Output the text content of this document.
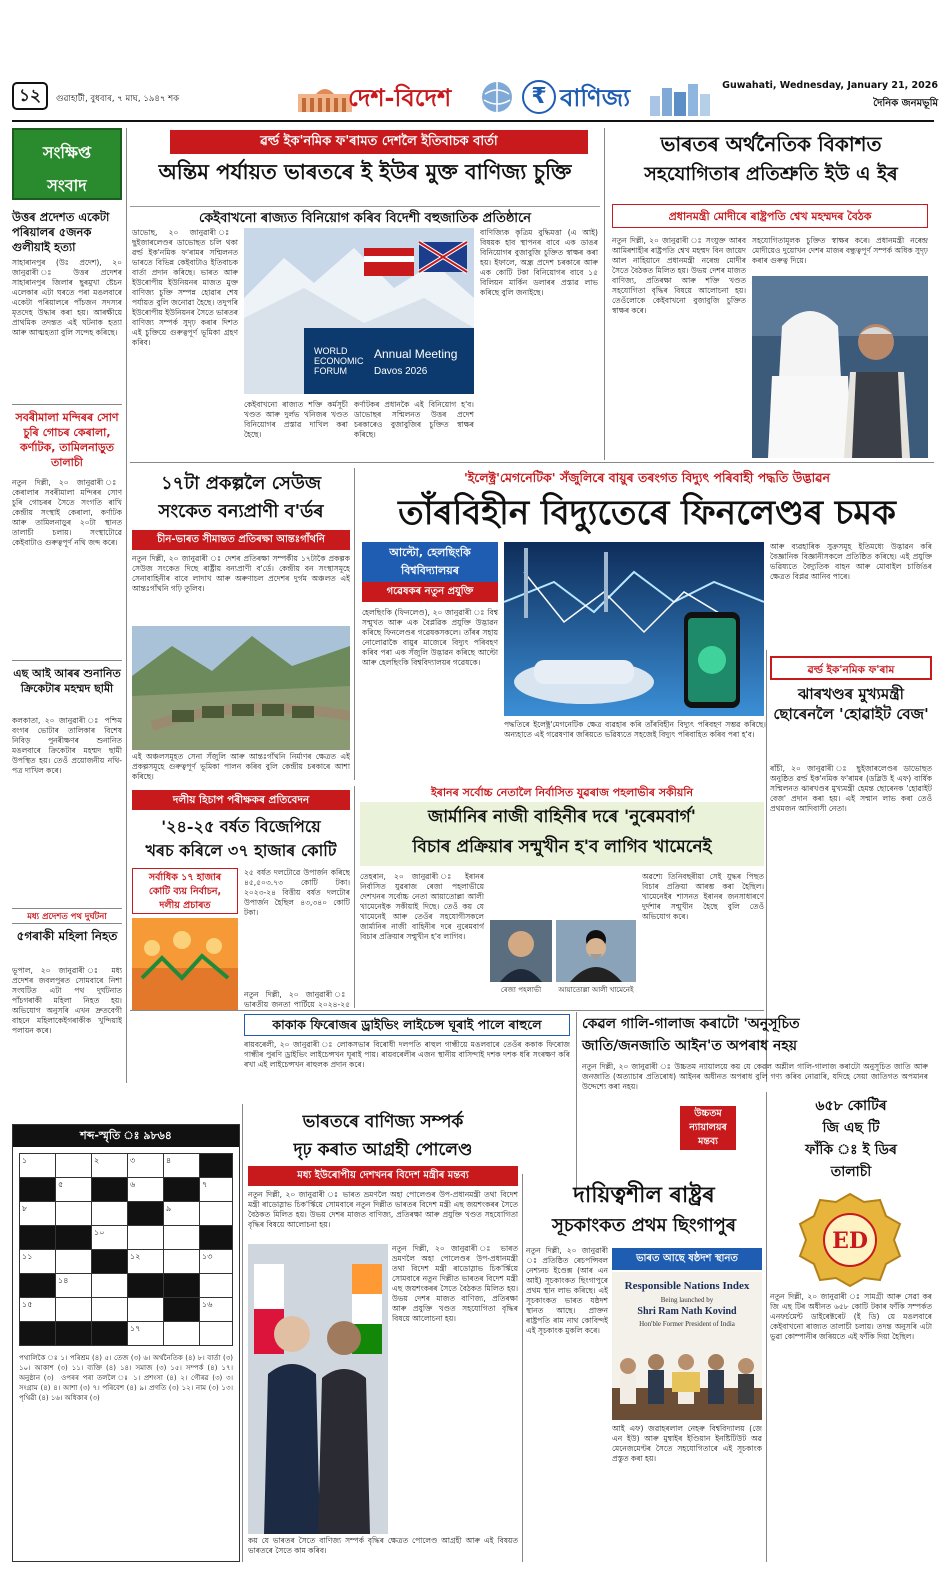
১২	গুৱাহাটী, বুধবাৰ, ৭ মাঘ, ১৯৪৭ শক	দেশ-বিদেশ	₹ বাণিজ্য	Guwahati, Wednesday, January 21, 2026
দৈনিক জনমভূমি
সংক্ষিপ্ত
সংবাদ
উত্তৰ প্ৰদেশত একেটা পৰিয়ালৰ ৫জনক গুলীয়াই হত্যা
সাহাৰানপুৰ (উঃ প্ৰদেশ), ২০ জানুৱাৰী ঃ উত্তৰ প্ৰদেশৰ সাহাৰানপুৰ জিলাৰ ছুৰমুখা ষ্টেচন এলেকাৰ এটা ঘৰতে পৰা মঙলবাৰে একেটা পৰিয়ালৰে পাঁচজন সদস্যৰ মৃতদেহ উদ্ধাৰ কৰা হয়। আৰক্ষীয়ে প্ৰাথমিক তদন্তত এই ঘটনাক হত্যা আৰু আত্মহত্যা বুলি সন্দেহ কৰিছে।
সবৰীমালা মন্দিৰৰ সোণ চুৰি গোচৰ কেৰালা, কৰ্ণাটক, তামিলনাড়ুত তালাচী
নতুন দিল্লী, ২০ জানুৱাৰী ঃ কেৰালাৰ সবৰীমালা মন্দিৰৰ সোণ চুৰি গোচৰৰ সৈতে সংগতি ৰাখি কেন্দ্ৰীয় সংস্থাই কেৰালা, কৰ্ণাটক আৰু তামিলনাড়ুৰ ২০টা স্থানত তালাচী চলায়। সংস্থাটোৱে কেইবাটাও গুৰুত্বপূৰ্ণ নথি জব্দ কৰে।
এছ আই আৰৰ শুনানিত ক্ৰিকেটাৰ মহম্মদ ছামী
কলকাতা, ২০ জানুৱাৰী ঃ পশ্চিম বংগৰ ভোটাৰ তালিকাৰ বিশেষ নিবিড় পুনৰীক্ষণৰ শুনানিত মঙলবাৰে ক্ৰিকেটাৰ মহম্মদ ছামী উপস্থিত হয়। তেওঁ প্ৰয়োজনীয় নথি-পত্ৰ দাখিল কৰে।
মধ্য প্ৰদেশত পথ দুৰ্ঘটনা
৫গৰাকী মহিলা নিহত
ভূপাল, ২০ জানুৱাৰী ঃ মধ্য প্ৰদেশৰ জবলপুৰত সোমবাৰে নিশা সংঘটিত এটা পথ দুৰ্ঘটনাত পাঁচগৰাকী মহিলা নিহত হয়। অভিযোগ অনুসৰি এখন দ্ৰুতবেগী বাহনে মহিলাকেইগৰাকীক খুন্দিয়াই পলায়ন কৰে।
ৱৰ্ল্ড ইক'নমিক ফ'ৰামত দেশলৈ ইতিবাচক বাৰ্তা
অন্তিম পৰ্যায়ত ভাৰতৰে ই ইউৰ মুক্ত বাণিজ্য চুক্তি
কেইবাখনো ৰাজ্যত বিনিয়োগ কৰিব বিদেশী বহুজাতিক প্ৰতিষ্ঠানে
ডাভোছ, ২০ জানুৱাৰী ঃ ছুইজাৰলেণ্ডৰ ডাভোছত চলি থকা ৱৰ্ল্ড ইক'নমিক ফ'ৰামৰ সন্মিলনত ভাৰতে বিভিন্ন কেইবাটাও ইতিবাচক বাৰ্তা প্ৰদান কৰিছে। ভাৰত আৰু ইউৰোপীয় ইউনিয়নৰ মাজত মুক্ত বাণিজ্য চুক্তি সম্পন্ন হোৱাৰ শেষ পৰ্যায়ত বুলি জনোৱা হৈছে। তদুপৰি ইউৰোপীয় ইউনিয়নৰ সৈতে ভাৰতৰ বাণিজ্য সম্পৰ্ক সুদৃঢ় কৰাৰ দিশত এই চুক্তিয়ে গুৰুত্বপূৰ্ণ ভূমিকা গ্ৰহণ কৰিব।
WORLD
ECONOMIC
FORUM
Annual Meeting
Davos 2026
কেইবাখনো ৰাজ্যত শক্তি কৰ্মসূচী খণ্ডত আৰু দুৰ্লভ খনিজৰ খণ্ডত বিনিয়োগৰ প্ৰস্তাৱ দাখিল কৰা হৈছে।
কৰ্ণাটকৰ প্ৰধানকৈ এই বিনিয়োগ হ'ব। ডাভোছৰ সন্মিলনত উত্তৰ প্ৰদেশ চৰকাৰেও বুজাবুজিৰ চুক্তিত স্বাক্ষৰ কৰিছে।
বাণিজ্যিক কৃত্ৰিম বুদ্ধিমত্তা (এ আই) বিষয়ক হাব স্থাপনৰ বাবে এক ডাঙৰ বিনিয়োগৰ বুজাবুজি চুক্তিত স্বাক্ষৰ কৰা হয়। ইফালে, অন্ধ্ৰ প্ৰদেশ চৰকাৰে আৰু এক কোটি টকা বিনিয়োগৰ বাবে ১৫ বিলিয়ন মাৰ্কিন ডলাৰৰ প্ৰস্তাৱ লাভ কৰিছে বুলি জনাইছে।
ভাৰতৰ অৰ্থনৈতিক বিকাশত
সহযোগিতাৰ প্ৰতিশ্ৰুতি ইউ এ ইৰ
প্ৰধানমন্ত্ৰী মোদীৰে ৰাষ্ট্ৰপতি শ্বেখ মহম্মদৰ বৈঠক
নতুন দিল্লী, ২০ জানুৱাৰী ঃ সংযুক্ত আৰব আমিৰশাহীৰ ৰাষ্ট্ৰপতি শ্বেখ মহম্মদ বিন জায়েদ আল নাহিয়ানে প্ৰধানমন্ত্ৰী নৰেন্দ্ৰ মোদীৰ সৈতে বৈঠকত মিলিত হয়। উভয় দেশৰ মাজত বাণিজ্য, প্ৰতিৰক্ষা আৰু শক্তি খণ্ডত সহযোগিতা বৃদ্ধিৰ বিষয়ে আলোচনা হয়। তেওঁলোকে কেইবাখনো বুজাবুজি চুক্তিত স্বাক্ষৰ কৰে।
সহযোগিতামূলক চুক্তিত স্বাক্ষৰ কৰে। প্ৰধানমন্ত্ৰী নৰেন্দ্ৰ মোদীয়েও দুয়োখন দেশৰ মাজৰ বন্ধুত্বপূৰ্ণ সম্পৰ্ক অধিক সুদৃঢ় কৰাৰ গুৰুত্ব দিয়ে।
১৭টা প্ৰকল্পলৈ সেউজ
সংকেত বন্যপ্ৰাণী ব'ৰ্ডৰ
চীন-ভাৰত সীমান্তত প্ৰতিৰক্ষা আন্তঃগাঁথনি
নতুন দিল্লী, ২০ জানুৱাৰী ঃ দেশৰ প্ৰতিৰক্ষা সম্পৰ্কীয় ১৭টাকৈ প্ৰকল্পক সেউজ সংকেত দিছে ৰাষ্ট্ৰীয় বন্যপ্ৰাণী ব'ৰ্ডে। কেন্দ্ৰীয় বন সংস্থাসমূহে সেনাবাহিনীৰ বাবে লাদাখ আৰু অৰুণাচল প্ৰদেশৰ দুৰ্গম অঞ্চলত এই আন্তঃগাঁথনি গঢ়ি তুলিব।
এই অঞ্চলসমূহত সেনা সঁজুলি আৰু আন্তঃগাঁথনি নিৰ্মাণৰ ক্ষেত্ৰত এই প্ৰকল্পসমূহে গুৰুত্বপূৰ্ণ ভূমিকা পালন কৰিব বুলি কেন্দ্ৰীয় চৰকাৰে আশা কৰিছে।
'ইলেক্ট্ৰ'মেগনেটিক' সঁজুলিৰে বায়ুৰ তৰংগত বিদ্যুৎ পৰিবাহী পদ্ধতি উদ্ভাৱন
তাঁৰবিহীন বিদ্যুতেৰে ফিনলেণ্ডৰ চমক
আল্টো, হেলছিংকি
বিশ্ববিদ্যালয়ৰ
গৱেষকৰ নতুন প্ৰযুক্তি
হেলছিংকি (ফিনলেণ্ড), ২০ জানুৱাৰী ঃ বিশ্ব সন্মুখত আৰু এক বৈপ্লৱিক প্ৰযুক্তি উদ্ভাৱন কৰিছে ফিনলেণ্ডৰ গৱেষকসকলে। তাঁৰৰ সহায় নোলোৱাকৈ বায়ুৰ মাজেৰে বিদ্যুৎ পৰিবহণ কৰিব পৰা এক সঁজুলি উদ্ভাৱন কৰিছে আল্টো আৰু হেলছিংকি বিশ্ববিদ্যালয়ৰ গৱেষকে।
আৰু ব্যৱহাৰিক সুক্ৰসমূহ ইতিমধ্যে উদ্ভাৱন কৰি বৈজ্ঞানিক বিজ্ঞানীসকলে প্ৰতিষ্ঠিত কৰিছে। এই প্ৰযুক্তি ভৱিষ্যতে বৈদ্যুতিক বাহন আৰু মোবাইল চাৰ্জিঙৰ ক্ষেত্ৰত বিপ্লৱ আনিব পাৰে।
পদ্ধতিৰে ইলেক্ট্ৰ'মেগনেটিক ক্ষেত্ৰ ব্যৱহাৰ কৰি তাঁৰবিহীন বিদ্যুৎ পৰিবহণ সম্ভৱ কৰিছে। অন্যহাতে এই গৱেষণাৰ জৰিয়তে ভৱিষ্যতে সহজেই বিদ্যুৎ পৰিবাহিত কৰিব পৰা হ'ব।
ৱৰ্ল্ড ইক'নমিক ফ'ৰাম
ঝাৰখণ্ডৰ মুখ্যমন্ত্ৰী ছোৰেনলৈ 'হোৱাইট বেজ'
ৰাঁচী, ২০ জানুৱাৰী ঃ ছুইজাৰলেণ্ডৰ ডাভোছত অনুষ্ঠিত ৱৰ্ল্ড ইক'নমিক ফ'ৰামৰ (ডব্লিউ ই এফ) বাৰ্ষিক সন্মিলনত ঝাৰখণ্ডৰ মুখ্যমন্ত্ৰী হেমন্ত ছোৰেনক 'হোৱাইট বেজ' প্ৰদান কৰা হয়। এই সন্মান লাভ কৰা তেওঁ প্ৰথমজন আদিবাসী নেতা।
দলীয় হিচাপ পৰীক্ষকৰ প্ৰতিবেদন
'২৪-২৫ বৰ্ষত বিজেপিয়ে
খৰচ কৰিলে ৩৭ হাজাৰ কোটি
সৰ্বাধিক ১৭ হাজাৰ
কোটি ব্যয় নিৰ্বাচন,
দলীয় প্ৰচাৰত
২৫ বৰ্ষত দলটোৱে উপাৰ্জন কৰিছে ৪৫,৫০৩.৭৩ কোটি টকা। ২০২৩-২৪ বিত্তীয় বৰ্ষত দলটোৰ উপাৰ্জন হৈছিল ৪৩,৩৪০ কোটি টকা।
নতুন দিল্লী, ২০ জানুৱাৰী ঃ ভাৰতীয় জনতা পাৰ্টিয়ে ২০২৪-২৫
ইৰানৰ সৰ্বোচ্চ নেতালৈ নিৰ্বাসিত যুৱৰাজ পহলাভীৰ সকীয়নি
জাৰ্মানিৰ নাজী বাহিনীৰ দৰে 'নুৰেমবাৰ্গ'
বিচাৰ প্ৰক্ৰিয়াৰ সন্মুখীন হ'ব লাগিব খামেনেই
তেহৰান, ২০ জানুৱাৰী ঃ ইৰানৰ নিৰ্বাসিত যুৱৰাজ ৰেজা পহলাভীয়ে দেশখনৰ সৰ্বোচ্চ নেতা আয়াতোল্লা আলী খামেনেইক সকীয়াই দিছে। তেওঁ কয় যে খামেনেই আৰু তেওঁৰ সহযোগীসকলে জাৰ্মানিৰ নাজী বাহিনীৰ দৰে নুৰেমবাৰ্গ বিচাৰ প্ৰক্ৰিয়াৰ সন্মুখীন হ'ব লাগিব।
ৰেজা পহলাভী	আয়াতোল্লা আলী খামেনেই
অৱশ্যে তিনিবছৰীয়া সেই যুদ্ধৰ পিছত বিচাৰ প্ৰক্ৰিয়া আৰম্ভ কৰা হৈছিল। খামেনেইৰ শাসনত ইৰানৰ জনসাধাৰণে দুৰ্দশাৰ সন্মুখীন হৈছে বুলি তেওঁ অভিযোগ কৰে।
কাকাক ফিৰোজৰ ড্ৰাইভিং লাইচেন্স ঘূৰাই পালে ৰাহুলে
ৰায়বৰেলী, ২০ জানুৱাৰী ঃ লোকসভাৰ বিৰোধী দলপতি ৰাহুল গান্ধীয়ে মঙলবাৰে তেওঁৰ ককাক ফিৰোজ গান্ধীৰ পুৰণি ড্ৰাইভিং লাইচেন্সখন ঘূৰাই পায়। ৰায়বৰেলীৰ এজন স্থানীয় বাসিন্দাই দশক দশক ধৰি সংৰক্ষণ কৰি ৰখা এই লাইচেন্সখন ৰাহুলক প্ৰদান কৰে।
কেৱল গালি-গালাজ কৰাটো 'অনুসূচিত
জাতি/জনজাতি আইন'ত অপৰাধ নহয়
নতুন দিল্লী, ২০ জানুৱাৰী ঃ উচ্চতম ন্যায়ালয়ে কয় যে কেৱল অশ্লীল গালি-গালাজ কৰাটো অনুসূচিত জাতি আৰু জনজাতি (অত্যাচাৰ প্ৰতিৰোধ) আইনৰ অধীনত অপৰাধ বুলি গণ্য কৰিব নোৱাৰি, যদিহে সেয়া জাতিগত অপমানৰ উদ্দেশ্যে কৰা নহয়।
উচ্চতম
ন্যায়ালয়ৰ
মন্তব্য
৬৫৮ কোটিৰ
জি এছ টি
ফাঁকি ঃ ই ডিৰ
তালাচী
ED
নতুন দিল্লী, ২০ জানুৱাৰী ঃ সামগ্ৰী আৰু সেৱা কৰ জি এছ টিৰ অধীনত ৬৫৮ কোটি টকাৰ ফাঁকি সম্পৰ্কত এনফৰ্চমেন্ট ডাইৰেক্টৰেট (ই ডি) য়ে মঙলবাৰে কেইবাখনো ৰাজ্যত তালাচী চলায়। তদন্ত অনুসৰি এটা ভুৱা কোম্পানীৰ জৰিয়তে এই ফাঁকি দিয়া হৈছিল।
শব্দ-স্মৃতি ঃ ৯৮৬৪
১	২	৩	৪
৫	৬	৭
৮	৯
১০
১১	১২	১৩
১৪
১৫	১৬
১৭
পথালিকৈ ঃ ১। পৰিশ্ৰম (৪) ৫। তেজ (৩) ৬। অৰ্থনৈতিক (৪) ৮। বাৰ্তা (৩) ১০। আকাশ (৩) ১১। ব্যক্তি (৪) ১৪। সমাজ (৩) ১৫। সম্পৰ্ক (৪) ১৭। অনুষ্ঠান (৩) ‍ ওপৰৰ পৰা তললৈ ঃ ১। প্ৰশংসা (৪) ২। গৌৰৱ (৩) ৩। সংগ্ৰাম (৪) ৪। আশা (৩) ৭। পৰিবেশ (৪) ৯। প্ৰগতি (৩) ১২। নাম (৩) ১৩। পৃথিৱী (৪) ১৬। অধিকাৰ (৩)
ভাৰতৰে বাণিজ্য সম্পৰ্ক
দৃঢ় কৰাত আগ্ৰহী পোলেণ্ড
মধ্য ইউৰোপীয় দেশখনৰ বিদেশ মন্ত্ৰীৰ মন্তব্য
নতুন দিল্লী, ২০ জানুৱাৰী ঃ ভাৰত ভ্ৰমণলৈ অহা পোলেণ্ডৰ উপ-প্ৰধানমন্ত্ৰী তথা বিদেশ মন্ত্ৰী ৰাডোস্লাভ চিক'ৰ্স্কিয়ে সোমবাৰে নতুন দিল্লীত ভাৰতৰ বিদেশ মন্ত্ৰী এছ জয়শংকৰৰ সৈতে বৈঠকত মিলিত হয়। উভয় দেশৰ মাজত বাণিজ্য, প্ৰতিৰক্ষা আৰু প্ৰযুক্তি খণ্ডত সহযোগিতা বৃদ্ধিৰ বিষয়ে আলোচনা হয়।
কয় যে ভাৰতৰ সৈতে বাণিজ্য সম্পৰ্ক বৃদ্ধিৰ ক্ষেত্ৰত পোলেণ্ড আগ্ৰহী আৰু এই বিষয়ত ভাৰতৰে সৈতে কাম কৰিব।
নতুন দিল্লী, ২০ জানুৱাৰী ঃ ভাৰত ভ্ৰমণলৈ অহা পোলেণ্ডৰ উপ-প্ৰধানমন্ত্ৰী তথা বিদেশ মন্ত্ৰী ৰাডোস্লাভ চিক'ৰ্স্কিয়ে সোমবাৰে নতুন দিল্লীত ভাৰতৰ বিদেশ মন্ত্ৰী এছ জয়শংকৰৰ সৈতে বৈঠকত মিলিত হয়। উভয় দেশৰ মাজত বাণিজ্য, প্ৰতিৰক্ষা আৰু প্ৰযুক্তি খণ্ডত সহযোগিতা বৃদ্ধিৰ বিষয়ে আলোচনা হয়।
দায়িত্বশীল ৰাষ্ট্ৰৰ
সূচকাংকত প্ৰথম ছিংগাপুৰ
নতুন দিল্লী, ২০ জানুৱাৰী ঃ প্ৰতিষ্ঠিত ৰেচপন্সিবল নেশ্যনচ ইণ্ডেক্স (আৰ এন আই) সূচকাংকত ছিংগাপুৰে প্ৰথম স্থান লাভ কৰিছে। এই সূচকাংকত ভাৰত যষ্ঠদশ স্থানত আছে। প্ৰাক্তন ৰাষ্ট্ৰপতি ৰাম নাথ কোবিন্দই এই সূচকাংক মুকলি কৰে।
ভাৰত আছে ষষ্ঠদশ স্থানত
Responsible Nations Index
Being launched by
Shri Ram Nath Kovind
Hon'ble Former President of India
আই এফ) জৱাহৰলাল নেহৰু বিশ্ববিদ্যালয় (জে এন ইউ) আৰু মুম্বাইৰ ইণ্ডিয়ান ইনষ্টিটিউট অৱ মেনেজমেণ্টৰ সৈতে সহযোগিতাৰে এই সূচকাংক প্ৰস্তুত কৰা হয়।
